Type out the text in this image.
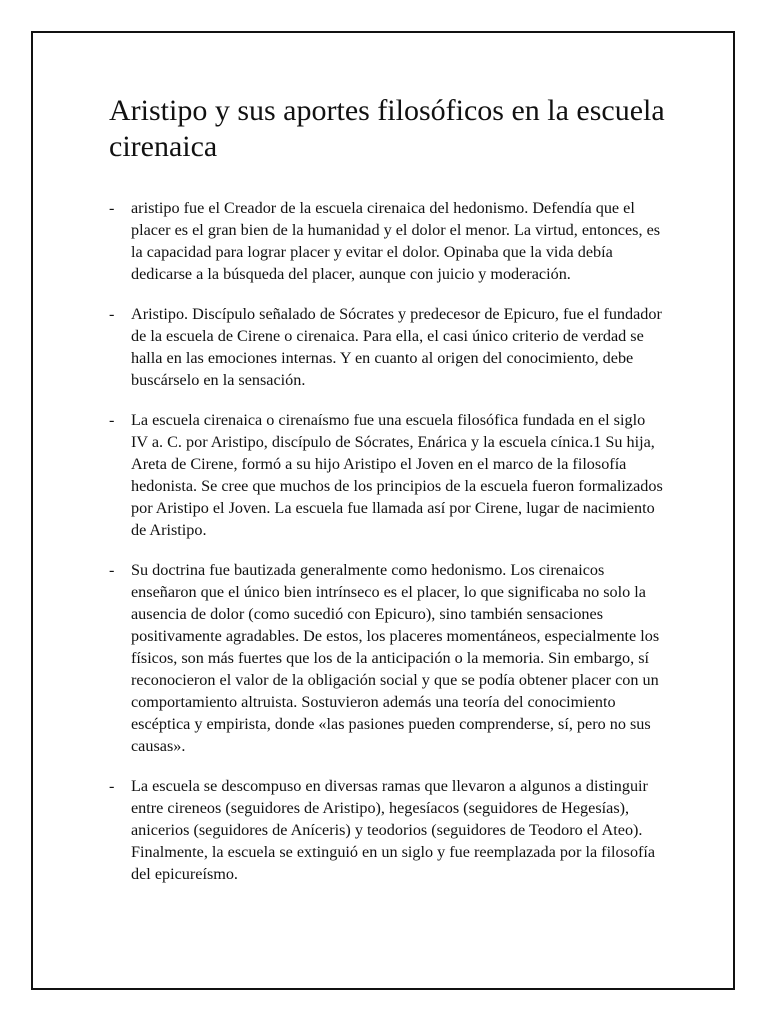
Aristipo y sus aportes filosóficos en la escuela cirenaica
-	aristipo fue el Creador de la escuela cirenaica del hedonismo. Defendía que el placer es el gran bien de la humanidad y el dolor el menor. La virtud, entonces, es la capacidad para lograr placer y evitar el dolor. Opinaba que la vida debía dedicarse a la búsqueda del placer, aunque con juicio y moderación.
-	Aristipo. Discípulo señalado de Sócrates y predecesor de Epicuro, fue el fundador de la escuela de Cirene o cirenaica. Para ella, el casi único criterio de verdad se halla en las emociones internas. Y en cuanto al origen del conocimiento, debe buscárselo en la sensación.
-	La escuela cirenaica o cirenaísmo fue una escuela filosófica fundada en el siglo IV a. C. por Aristipo, discípulo de Sócrates, Enárica y la escuela cínica.1 Su hija, Areta de Cirene, formó a su hijo Aristipo el Joven en el marco de la filosofía hedonista. Se cree que muchos de los principios de la escuela fueron formalizados por Aristipo el Joven. La escuela fue llamada así por Cirene, lugar de nacimiento de Aristipo.
-	Su doctrina fue bautizada generalmente como hedonismo. Los cirenaicos enseñaron que el único bien intrínseco es el placer, lo que significaba no solo la ausencia de dolor (como sucedió con Epicuro), sino también sensaciones positivamente agradables. De estos, los placeres momentáneos, especialmente los físicos, son más fuertes que los de la anticipación o la memoria. Sin embargo, sí reconocieron el valor de la obligación social y que se podía obtener placer con un comportamiento altruista. Sostuvieron además una teoría del conocimiento escéptica y empirista, donde «las pasiones pueden comprenderse, sí, pero no sus causas».
-	La escuela se descompuso en diversas ramas que llevaron a algunos a distinguir entre cireneos (seguidores de Aristipo), hegesíacos (seguidores de Hegesías), anicerios (seguidores de Aníceris) y teodorios (seguidores de Teodoro el Ateo). Finalmente, la escuela se extinguió en un siglo y fue reemplazada por la filosofía del epicureísmo.
